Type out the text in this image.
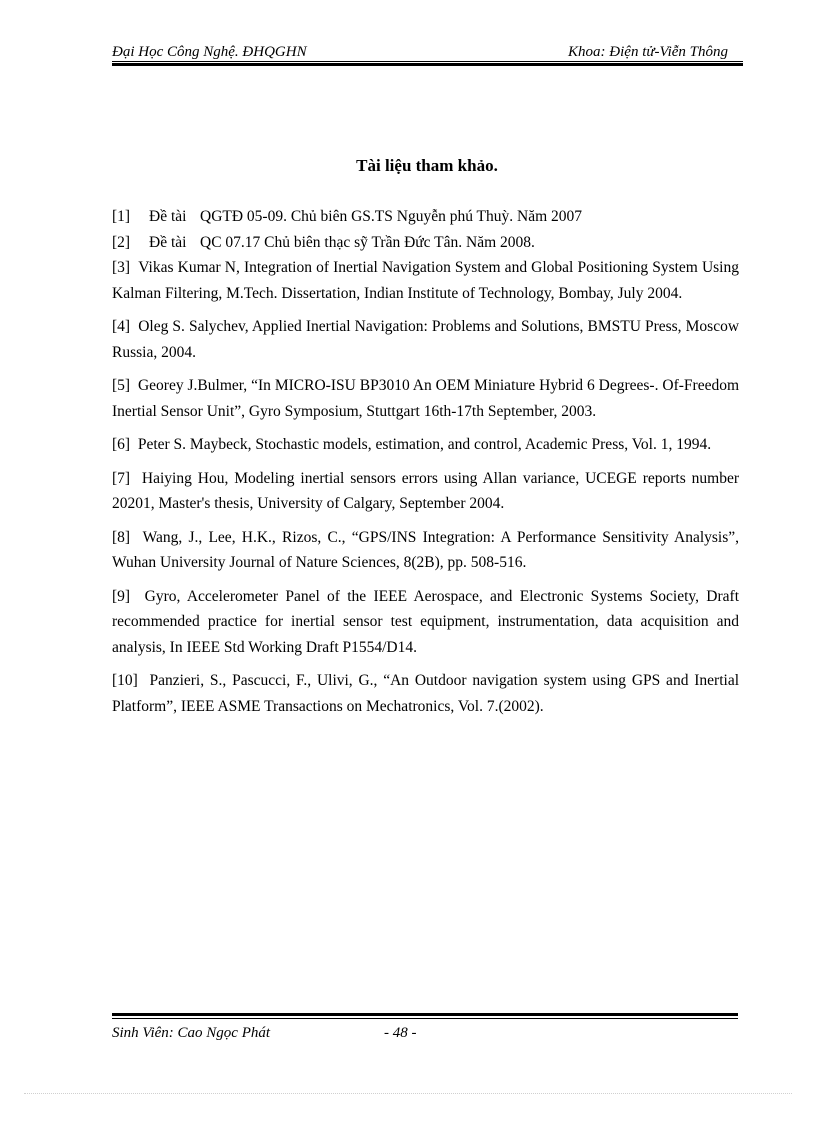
Đại Học Công Nghệ. ĐHQGHN	Khoa: Điện tử-Viễn Thông
Tài liệu tham khảo.

[1] Đề tài QGTĐ 05-09. Chủ biên GS.TS Nguyễn phú Thuỳ. Năm 2007

[2] Đề tài QC 07.17 Chủ biên thạc sỹ Trần Đức Tân. Năm 2008.

[3] Vikas Kumar N, Integration of Inertial Navigation System and Global Positioning System Using Kalman Filtering, M.Tech. Dissertation, Indian Institute of Technology, Bombay, July 2004.

[4] Oleg S. Salychev, Applied Inertial Navigation: Problems and Solutions, BMSTU Press, Moscow Russia, 2004.

[5] Georey J.Bulmer, “In MICRO-ISU BP3010 An OEM Miniature Hybrid 6 Degrees-. Of-Freedom Inertial Sensor Unit”, Gyro Symposium, Stuttgart 16th-17th September, 2003.

[6] Peter S. Maybeck, Stochastic models, estimation, and control, Academic Press, Vol. 1, 1994.

[7] Haiying Hou, Modeling inertial sensors errors using Allan variance, UCEGE reports number 20201, Master's thesis, University of Calgary, September 2004.

[8] Wang, J., Lee, H.K., Rizos, C., “GPS/INS Integration: A Performance Sensitivity Analysis”, Wuhan University Journal of Nature Sciences, 8(2B), pp. 508-516.

[9] Gyro, Accelerometer Panel of the IEEE Aerospace, and Electronic Systems Society, Draft recommended practice for inertial sensor test equipment, instrumentation, data acquisition and analysis, In IEEE Std Working Draft P1554/D14.

[10] Panzieri, S., Pascucci, F., Ulivi, G., “An Outdoor navigation system using GPS and Inertial Platform”, IEEE ASME Transactions on Mechatronics, Vol. 7.(2002).

Sinh Viên: Cao Ngọc Phát	- 48 -
